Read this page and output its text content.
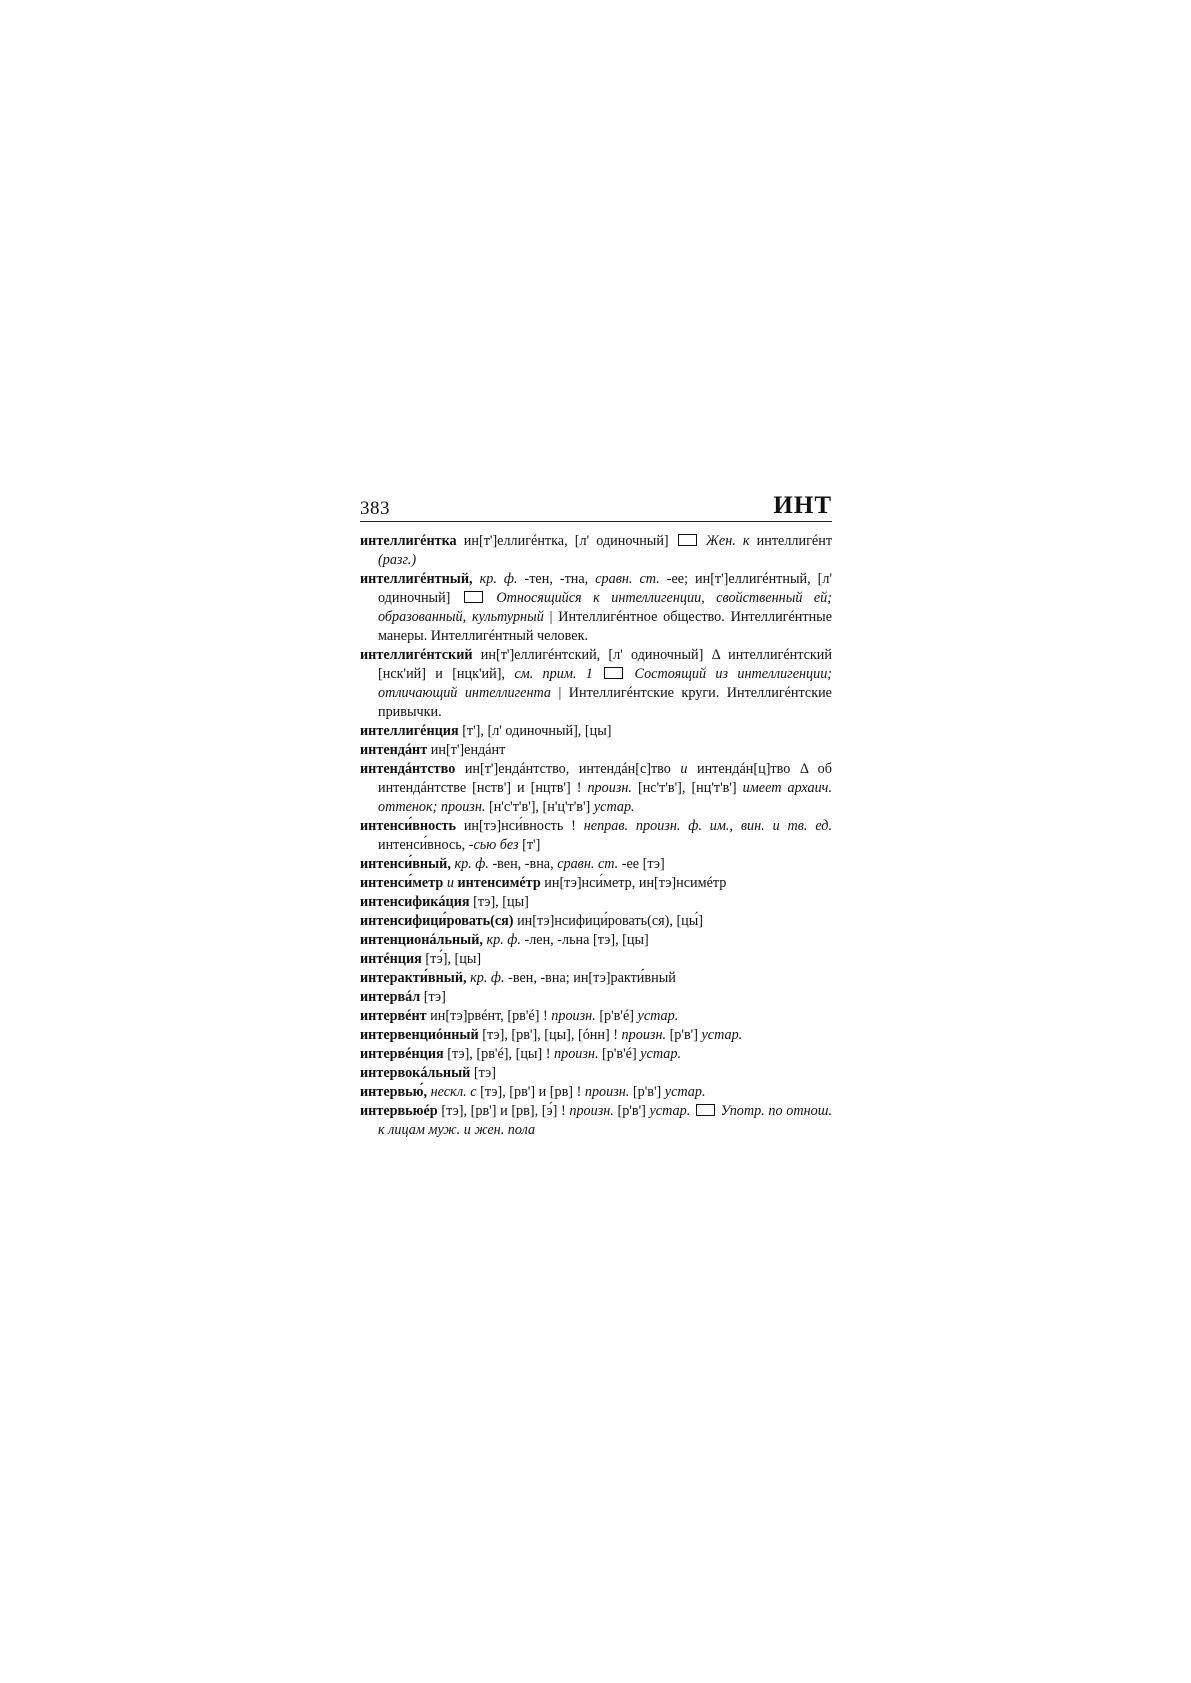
383	ИНТ

интеллигéнтка ин[т']еллигéнтка, [л' одиночный]  Жен. к интеллигéнт (разг.)

интеллигéнтный, кр. ф. -тен, -тна, сравн. ст. -ее; ин[т']еллигéнтный, [л' одиночный]  Относящийся к интеллигенции, свойственный ей; образованный, культурный | Интеллигéнтное общество. Интеллигéнтные манеры. Интеллигéнтный человек.

интеллигéнтский ин[т']еллигéнтский, [л' одиночный] Δ интеллигéнтский [нск'ий] и [нцк'ий], см. прим. 1	Состоящий из интеллигенции; отличающий интеллигента | Интеллигéнтские круги. Интеллигéнтские привычки.

интеллигéнция [т'], [л' одиночный], [цы]

интендáнт ин[т']ендáнт

интендáнтство ин[т']ендáнтство, интендáн[с]тво и интендáн[ц]тво Δ об интендáнтстве [нств'] и [нцтв'] ! произн. [нс'т'в'], [нц'т'в'] имеет архаич. оттенок; произн. [н'с'т'в'], [н'ц'т'в'] устар.

интенси́вность ин[тэ]нси́вность ! неправ. произн. ф. им., вин. и тв. ед. интенси́внось, -сью без [т']

интенси́вный, кр. ф. -вен, -вна, сравн. ст. -ее [тэ]

интенси́метр и интенсимéтр ин[тэ]нси́метр, ин[тэ]нсимéтр

интенсификáция [тэ], [цы]

интенсифици́ровать(ся) ин[тэ]нсифици́ровать(ся), [цы́]

интенционáльный, кр. ф. -лен, -льна [тэ], [цы]

интéнция [тэ́], [цы]

интеракти́вный, кр. ф. -вен, -вна; ин[тэ]ракти́вный

интервáл [тэ]

интервéнт ин[тэ]рвéнт, [рв'é] ! произн. [р'в'é] устар.

интервенциóнный [тэ], [рв'], [цы], [óнн] ! произн. [р'в'] устар.

интервéнция [тэ], [рв'é], [цы] ! произн. [р'в'é] устар.

интервокáльный [тэ]

интервью́, нескл. с [тэ], [рв'] и [рв] ! произн. [р'в'] устар.

интервьюéр [тэ], [рв'] и [рв], [э́] ! произн. [р'в'] устар. Употр. по отнош. к лицам муж. и жен. пола
